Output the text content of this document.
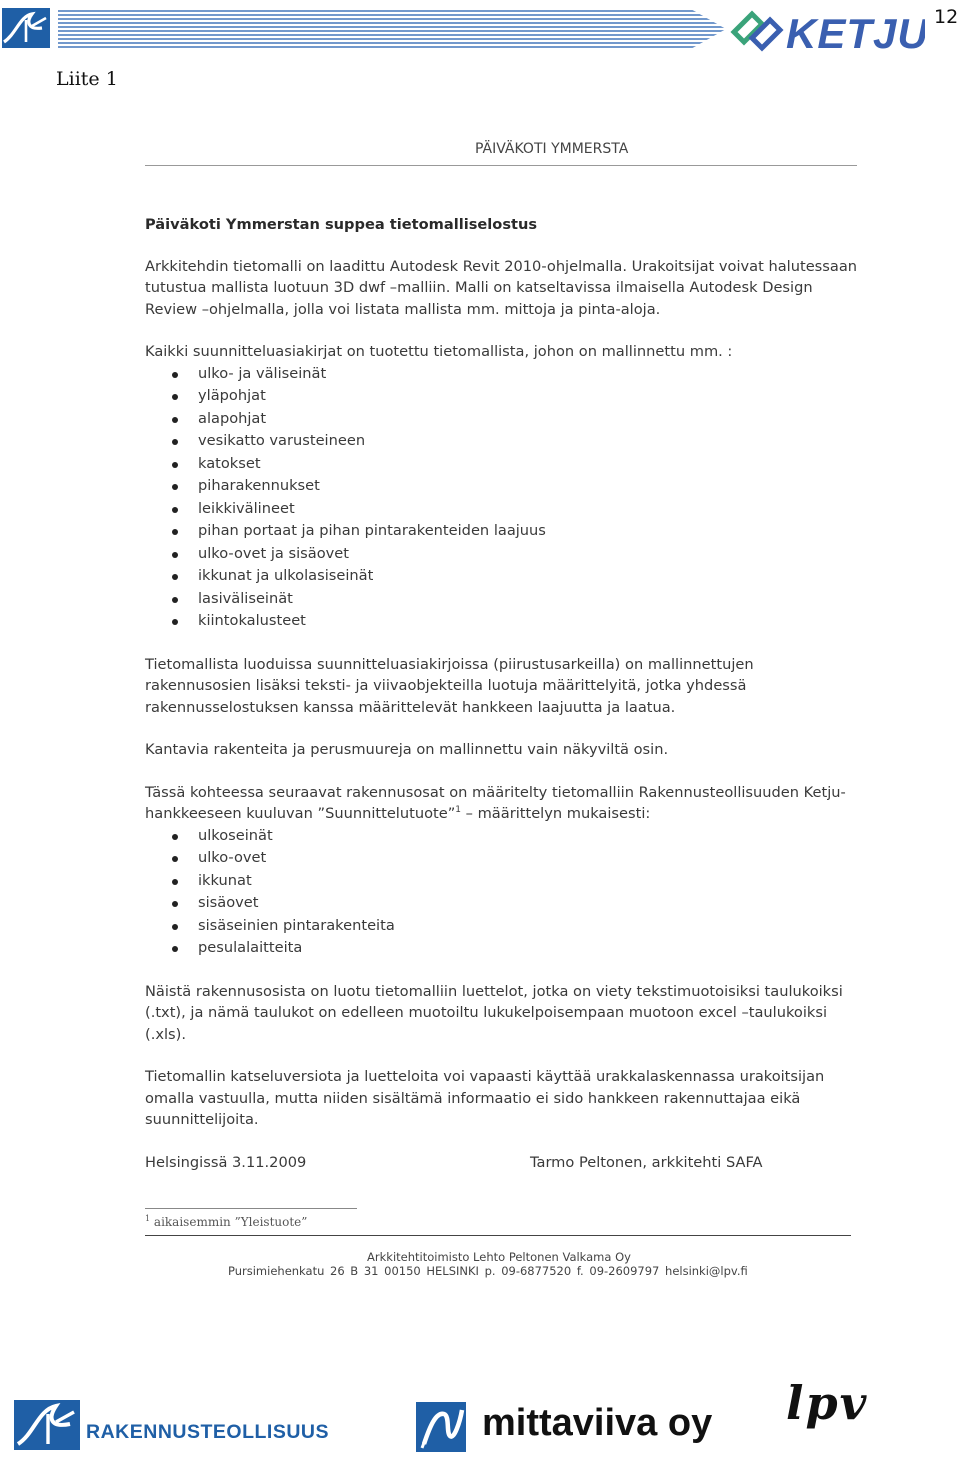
KETJU 12
Liite 1
PÄIVÄKOTI YMMERSTA
Päiväkoti Ymmerstan suppea tietomalliselostus

Arkkitehdin tietomalli on laadittu Autodesk Revit 2010-ohjelmalla. Urakoitsijat voivat halutessaan tutustua mallista luotuun 3D dwf –malliin. Malli on katseltavissa ilmaisella Autodesk Design Review –ohjelmalla, jolla voi listata mallista mm. mittoja ja pinta-aloja.

Kaikki suunnitteluasiakirjat on tuotettu tietomallista, johon on mallinnettu mm. :

ulko- ja väliseinät
yläpohjat
alapohjat
vesikatto varusteineen
katokset
piharakennukset
leikkivälineet
pihan portaat ja pihan pintarakenteiden laajuus
ulko-ovet ja sisäovet
ikkunat ja ulkolasiseinät
lasiväliseinät
kiintokalusteet

Tietomallista luoduissa suunnitteluasiakirjoissa (piirustusarkeilla) on mallinnettujen rakennusosien lisäksi teksti- ja viivaobjekteilla luotuja määrittelyitä, jotka yhdessä rakennusselostuksen kanssa määrittelevät hankkeen laajuutta ja laatua.

Kantavia rakenteita ja perusmuureja on mallinnettu vain näkyviltä osin.

Tässä kohteessa seuraavat rakennusosat on määritelty tietomalliin Rakennusteollisuuden Ketju-hankkeeseen kuuluvan ”Suunnittelutuote”$^1$ – määrittelyn mukaisesti:

ulkoseinät
ulko-ovet
ikkunat
sisäovet
sisäseinien pintarakenteita
pesulalaitteita

Näistä rakennusosista on luotu tietomalliin luettelot, jotka on viety tekstimuotoisiksi taulukoiksi (.txt), ja nämä taulukot on edelleen muotoiltu lukukelpoisempaan muotoon excel –taulukoiksi (.xls).

Tietomallin katseluversiota ja luetteloita voi vapaasti käyttää urakkalaskennassa urakoitsijan omalla vastuulla, mutta niiden sisältämä informaatio ei sido hankkeen rakennuttajaa eikä suunnittelijoita.

Helsingissä 3.11.2009	Tarmo Peltonen, arkkitehti SAFA
$^1$ aikaisemmin ”Yleistuote”
Arkkitehtitoimisto Lehto Peltonen Valkama Oy
Pursimiehenkatu 26 B 31 00150 HELSINKI p. 09-6877520 f. 09-2609797 helsinki@lpv.fi
RAKENNUSTEOLLISUUS	mittaviiva oy lpv
